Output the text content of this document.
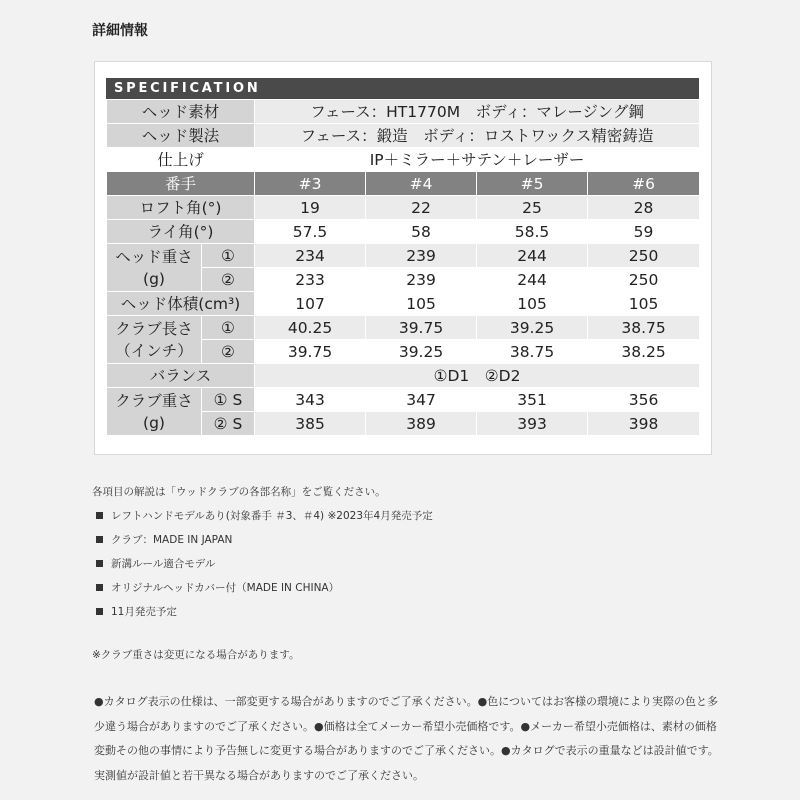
詳細情報
SPECIFICATION
ヘッド素材		フェース：HT1770M　ボディ：マレージング鋼			
ヘッド製法		フェース：鍛造　ボディ：ロストワックス精密鋳造			
仕上げ		IP＋ミラー＋サテン＋レーザー			
番手		#3	#4	#5	#6
ロフト角(°)		19	22	25	28
ライ角(°)		57.5	58	58.5	59
ヘッド重さ
(g)	①	234	239	244	250
	②	233	239	244	250
ヘッド体積(cm³)		107	105	105	105
クラブ長さ
（インチ）	①	40.25	39.75	39.25	38.75
	②	39.75	39.25	38.75	38.25
バランス		①D1　②D2			
クラブ重さ
(g)	① S	343	347	351	356
	② S	385	389	393	398
各項目の解説は「ウッドクラブの各部名称」をご覧ください。
レフトハンドモデルあり(対象番手 ＃3、＃4) ※2023年4月発売予定
クラブ：MADE IN JAPAN
新溝ルール適合モデル
オリジナルヘッドカバー付（MADE IN CHINA）
11月発売予定
※クラブ重さは変更になる場合があります。
●カタログ表示の仕様は、一部変更する場合がありますのでご了承ください。●色についてはお客様の環境により実際の色と多少違う場合がありますのでご了承ください。●価格は全てメーカー希望小売価格です。●メーカー希望小売価格は、素材の価格変動その他の事情により予告無しに変更する場合がありますのでご了承ください。●カタログで表示の重量などは設計値です。実測値が設計値と若干異なる場合がありますのでご了承ください。
